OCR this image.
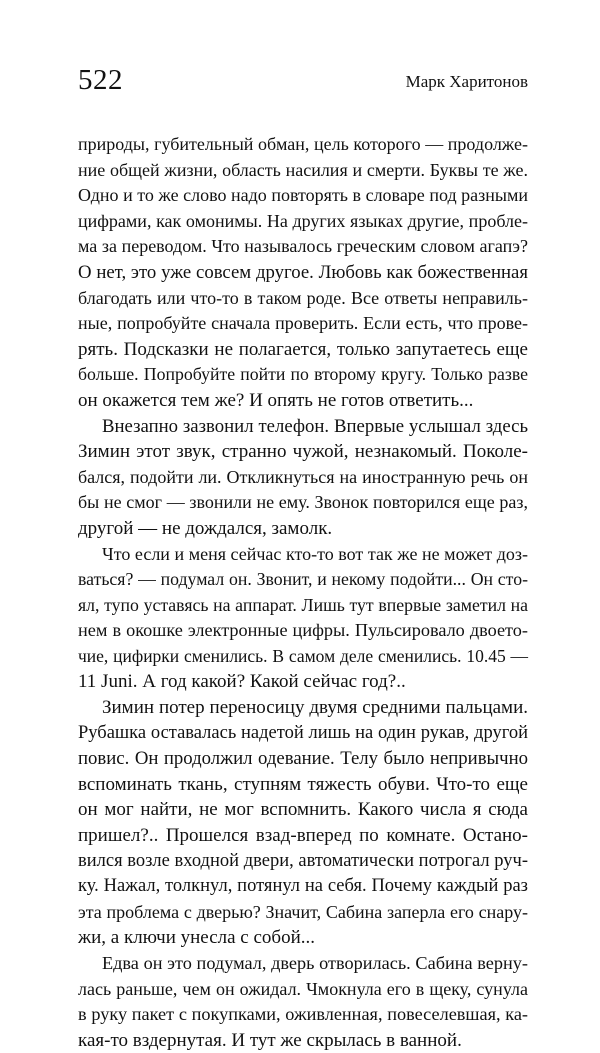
522	Марк Харитонов
природы, губительный обман, цель которого — продолже-
ние общей жизни, область насилия и смерти. Буквы те же.
Одно и то же слово надо повторять в словаре под разными
цифрами, как омонимы. На других языках другие, пробле-
ма за переводом. Что называлось греческим словом агапэ?
О нет, это уже совсем другое. Любовь как божественная
благодать или что-то в таком роде. Все ответы неправиль-
ные, попробуйте сначала проверить. Если есть, что прове-
рять. Подсказки не полагается, только запутаетесь еще
больше. Попробуйте пойти по второму кругу. Только разве
он окажется тем же? И опять не готов ответить...
Внезапно зазвонил телефон. Впервые услышал здесь
Зимин этот звук, странно чужой, незнакомый. Поколе-
бался, подойти ли. Откликнуться на иностранную речь он
бы не смог — звонили не ему. Звонок повторился еще раз,
другой — не дождался, замолк.
Что если и меня сейчас кто-то вот так же не может доз-
ваться? — подумал он. Звонит, и некому подойти... Он сто-
ял, тупо уставясь на аппарат. Лишь тут впервые заметил на
нем в окошке электронные цифры. Пульсировало двоето-
чие, цифирки сменились. В самом деле сменились. 10.45 —
11 Juni. А год какой? Какой сейчас год?..
Зимин потер переносицу двумя средними пальцами.
Рубашка оставалась надетой лишь на один рукав, другой
повис. Он продолжил одевание. Телу было непривычно
вспоминать ткань, ступням тяжесть обуви. Что-то еще
он мог найти, не мог вспомнить. Какого числа я сюда
пришел?.. Прошелся взад-вперед по комнате. Остано-
вился возле входной двери, автоматически потрогал руч-
ку. Нажал, толкнул, потянул на себя. Почему каждый раз
эта проблема с дверью? Значит, Сабина заперла его снару-
жи, а ключи унесла с собой...
Едва он это подумал, дверь отворилась. Сабина верну-
лась раньше, чем он ожидал. Чмокнула его в щеку, сунула
в руку пакет с покупками, оживленная, повеселевшая, ка-
кая-то вздернутая. И тут же скрылась в ванной.
